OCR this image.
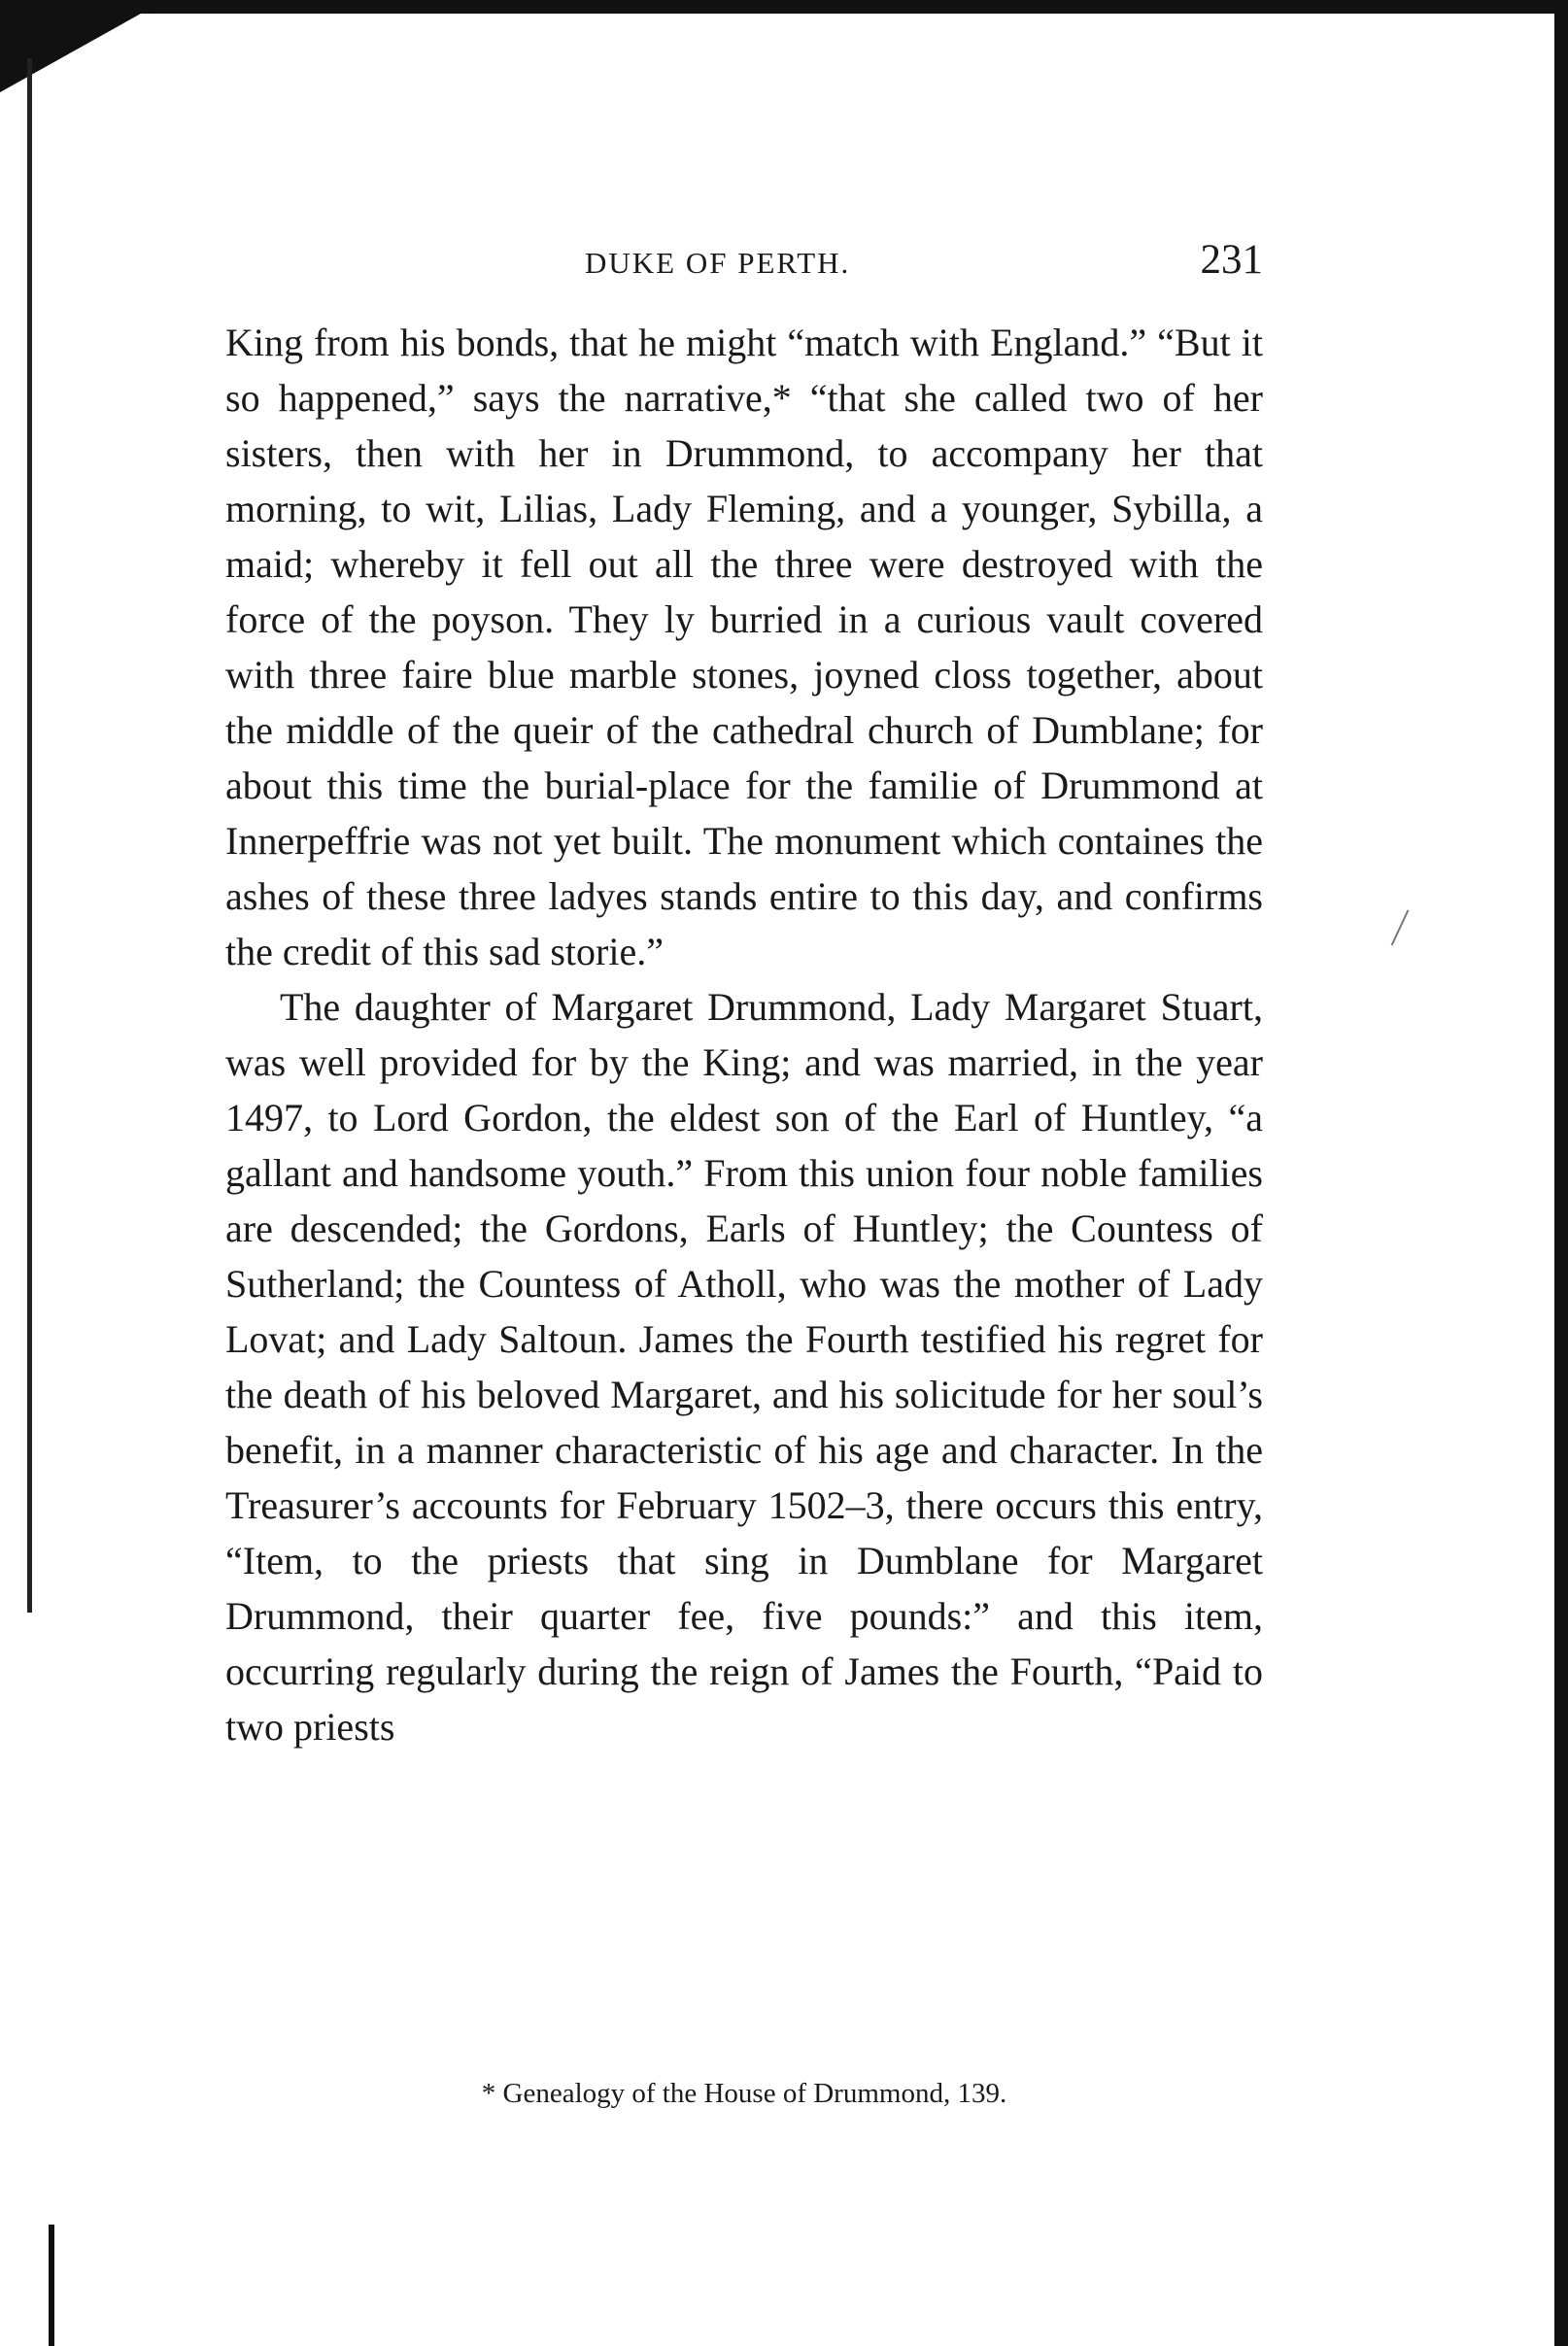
DUKE OF PERTH.	231

King from his bonds, that he might “match with England.” “But it so happened,” says the narrative,* “that she called two of her sisters, then with her in Drummond, to accompany her that morning, to wit, Lilias, Lady Fleming, and a younger, Sybilla, a maid; whereby it fell out all the three were destroyed with the force of the poyson. They ly burried in a curious vault covered with three faire blue marble stones, joyned closs together, about the middle of the queir of the cathedral church of Dumblane; for about this time the burial-place for the familie of Drummond at Innerpeffrie was not yet built. The monument which containes the ashes of these three ladyes stands entire to this day, and confirms the credit of this sad storie.”

The daughter of Margaret Drummond, Lady Margaret Stuart, was well provided for by the King; and was married, in the year 1497, to Lord Gordon, the eldest son of the Earl of Huntley, “a gallant and handsome youth.” From this union four noble families are descended; the Gordons, Earls of Huntley; the Countess of Sutherland; the Countess of Atholl, who was the mother of Lady Lovat; and Lady Saltoun. James the Fourth testified his regret for the death of his beloved Margaret, and his solicitude for her soul’s benefit, in a manner characteristic of his age and character. In the Treasurer’s accounts for February 1502–3, there occurs this entry, “Item, to the priests that sing in Dumblane for Margaret Drummond, their quarter fee, five pounds:” and this item, occurring regularly during the reign of James the Fourth, “Paid to two priests

* Genealogy of the House of Drummond, 139.
